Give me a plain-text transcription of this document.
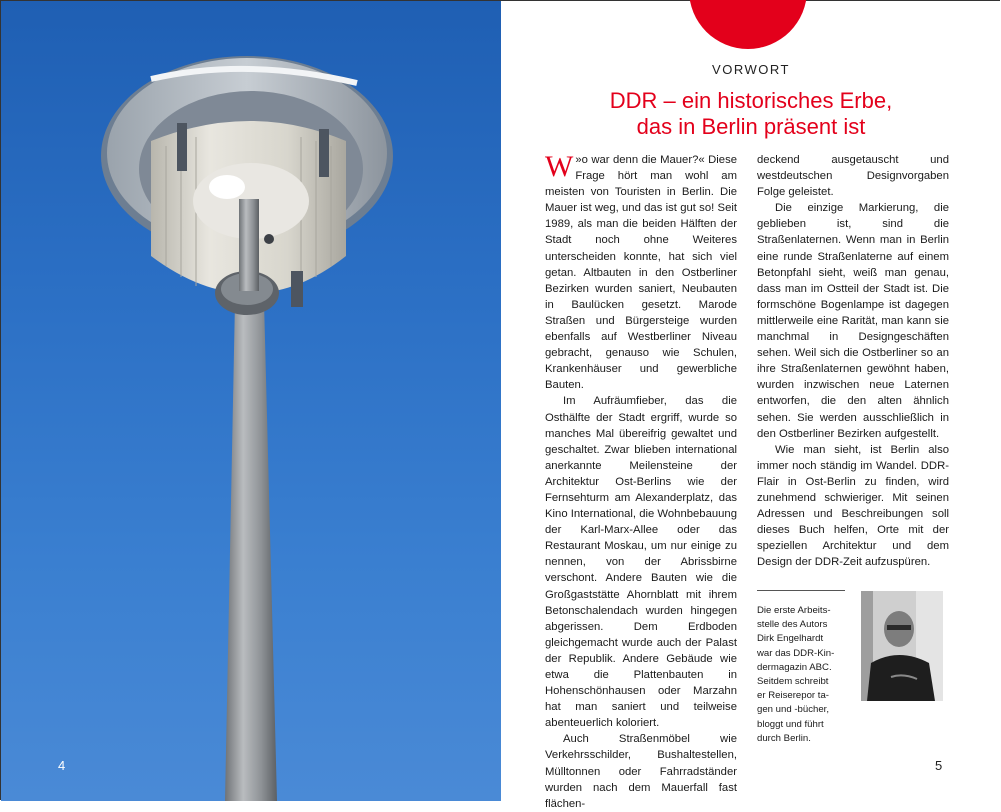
4
VORWORT
DDR – ein historisches Erbe,
das in Berlin präsent ist

W »o war denn die Mauer?« Diese Frage hört man wohl am meisten von Touristen in Berlin. Die Mauer ist weg, und das ist gut so! Seit 1989, als man die beiden Hälften der Stadt noch ohne Weiteres unterscheiden konnte, hat sich viel getan. Altbauten in den Ostberliner Bezirken wurden saniert, Neubauten in Baulücken gesetzt. Marode Straßen und Bürgersteige wurden ebenfalls auf Westberliner Niveau gebracht, genauso wie Schulen, Krankenhäuser und gewerbliche Bauten.

Im Aufräumfieber, das die Osthälfte der Stadt ergriff, wurde so manches Mal übereifrig gewaltet und geschaltet. Zwar blieben international anerkannte Meilensteine der Architektur Ost-Berlins wie der Fernsehturm am Alexanderplatz, das Kino International, die Wohnbebauung der Karl-Marx-Allee oder das Restaurant Moskau, um nur einige zu nennen, von der Abrissbirne verschont. Andere Bauten wie die Großgaststätte Ahornblatt mit ihrem Betonschalendach wurden hingegen abgerissen. Dem Erdboden gleichgemacht wurde auch der Palast der Republik. Andere Gebäude wie etwa die Plattenbauten in Hohenschönhausen oder Marzahn hat man saniert und teilweise abenteuerlich koloriert.

Auch Straßenmöbel wie Verkehrsschilder, Bushaltestellen, Mülltonnen oder Fahrradständer wurden nach dem Mauerfall fast flächen-

deckend ausgetauscht und westdeutschen Designvorgaben Folge geleistet.

Die einzige Markierung, die geblieben ist, sind die Straßenlaternen. Wenn man in Berlin eine runde Straßenlaterne auf einem Betonpfahl sieht, weiß man genau, dass man im Ostteil der Stadt ist. Die formschöne Bogenlampe ist dagegen mittlerweile eine Rarität, man kann sie manchmal in Designgeschäften sehen. Weil sich die Ostberliner so an ihre Straßenlaternen gewöhnt haben, wurden inzwischen neue Laternen entworfen, die den alten ähnlich sehen. Sie werden ausschließlich in den Ostberliner Bezirken aufgestellt.

Wie man sieht, ist Berlin also immer noch ständig im Wandel. DDR-Flair in Ost-Berlin zu finden, wird zunehmend schwieriger. Mit seinen Adressen und Beschreibungen soll dieses Buch helfen, Orte mit der speziellen Architektur und dem Design der DDR-Zeit aufzuspüren.

Die erste Arbeits-

stelle des Autors

Dirk Engelhardt

war das DDR-Kin-

dermagazin ABC.

Seitdem schreibt

er Reiserepor ta-

gen und -bücher,

bloggt und führt

durch Berlin.

5
